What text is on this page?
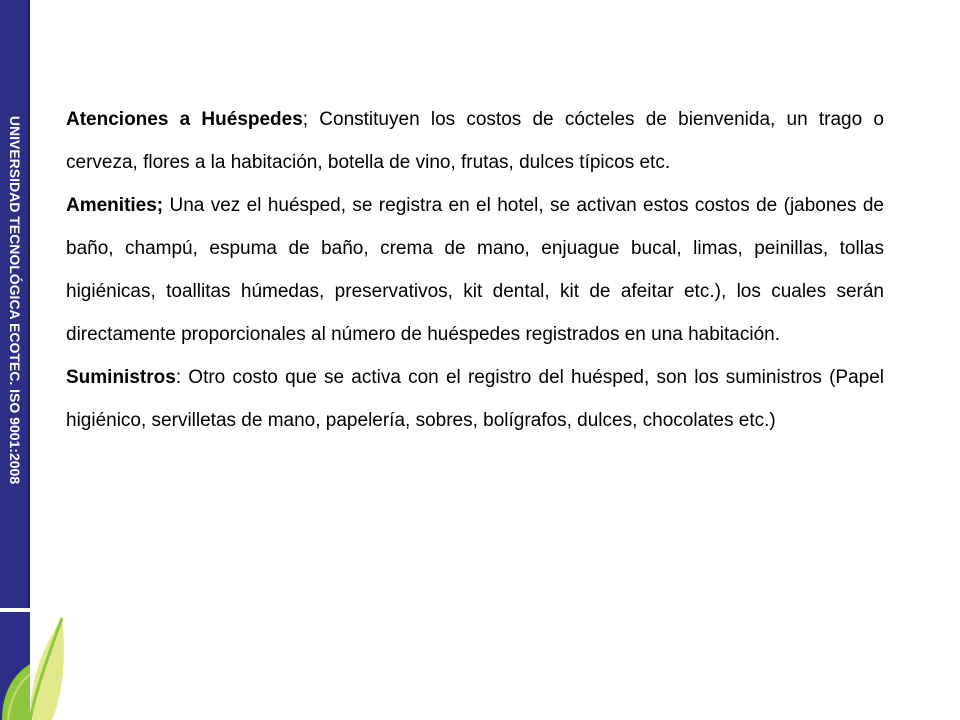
UNIVERSIDAD TECNOLÓGICA ECOTEC. ISO 9001:2008 Atenciones a Huéspedes; Constituyen los costos de cócteles de bienvenida, un trago o cerveza, flores a la habitación, botella de vino, frutas, dulces típicos etc.

Amenities; Una vez el huésped, se registra en el hotel, se activan estos costos de (jabones de baño, champú, espuma de baño, crema de mano, enjuague bucal, limas, peinillas, tollas higiénicas, toallitas húmedas, preservativos, kit dental, kit de afeitar etc.), los cuales serán directamente proporcionales al número de huéspedes registrados en una habitación.

Suministros: Otro costo que se activa con el registro del huésped, son los suministros (Papel higiénico, servilletas de mano, papelería, sobres, bolígrafos, dulces, chocolates etc.)
